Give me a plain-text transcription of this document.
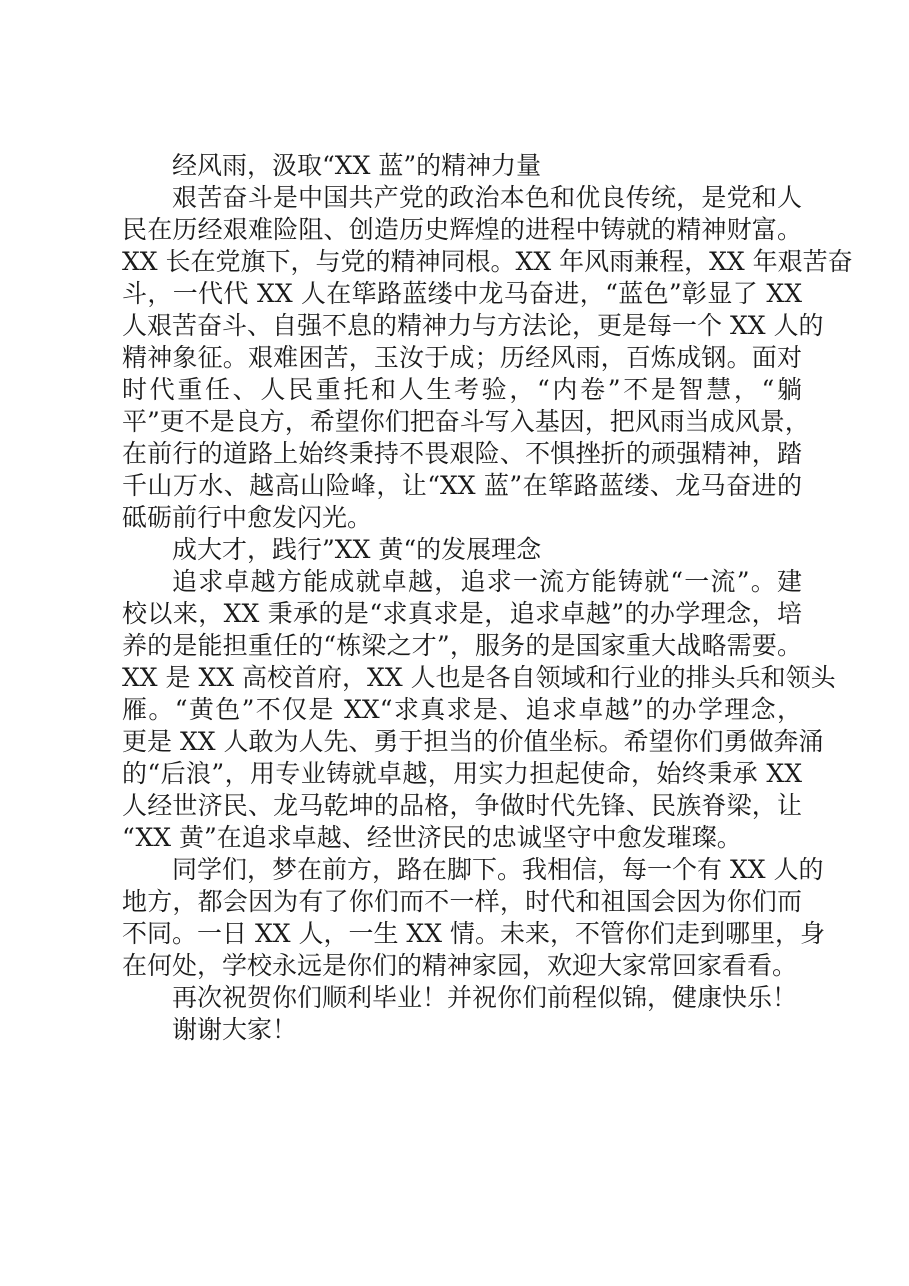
经风雨，汲取“XX 蓝”的精神力量
艰苦奋斗是中国共产党的政治本色和优良传统，是党和人
民在历经艰难险阻、创造历史辉煌的进程中铸就的精神财富。
XX 长在党旗下，与党的精神同根。XX 年风雨兼程，XX 年艰苦奋
斗，一代代 XX 人在筚路蓝缕中龙马奋进，“蓝色”彰显了 XX
人艰苦奋斗、自强不息的精神力与方法论，更是每一个 XX 人的
精神象征。艰难困苦，玉汝于成；历经风雨，百炼成钢。面对
时代重任、人民重托和人生考验，“内卷”不是智慧，“躺
平”更不是良方，希望你们把奋斗写入基因，把风雨当成风景，
在前行的道路上始终秉持不畏艰险、不惧挫折的顽强精神，踏
千山万水、越高山险峰，让“XX 蓝”在筚路蓝缕、龙马奋进的
砥砺前行中愈发闪光。
成大才，践行”XX 黄“的发展理念
追求卓越方能成就卓越，追求一流方能铸就“一流”。建
校以来，XX 秉承的是“求真求是，追求卓越”的办学理念，培
养的是能担重任的“栋梁之才”，服务的是国家重大战略需要。
XX 是 XX 高校首府，XX 人也是各自领域和行业的排头兵和领头
雁。“黄色”不仅是 XX“求真求是、追求卓越”的办学理念，
更是 XX 人敢为人先、勇于担当的价值坐标。希望你们勇做奔涌
的“后浪”，用专业铸就卓越，用实力担起使命，始终秉承 XX
人经世济民、龙马乾坤的品格，争做时代先锋、民族脊梁，让
“XX 黄”在追求卓越、经世济民的忠诚坚守中愈发璀璨。
同学们，梦在前方，路在脚下。我相信，每一个有 XX 人的
地方，都会因为有了你们而不一样，时代和祖国会因为你们而
不同。一日 XX 人，一生 XX 情。未来，不管你们走到哪里，身
在何处，学校永远是你们的精神家园，欢迎大家常回家看看。
再次祝贺你们顺利毕业！并祝你们前程似锦，健康快乐！
谢谢大家！
